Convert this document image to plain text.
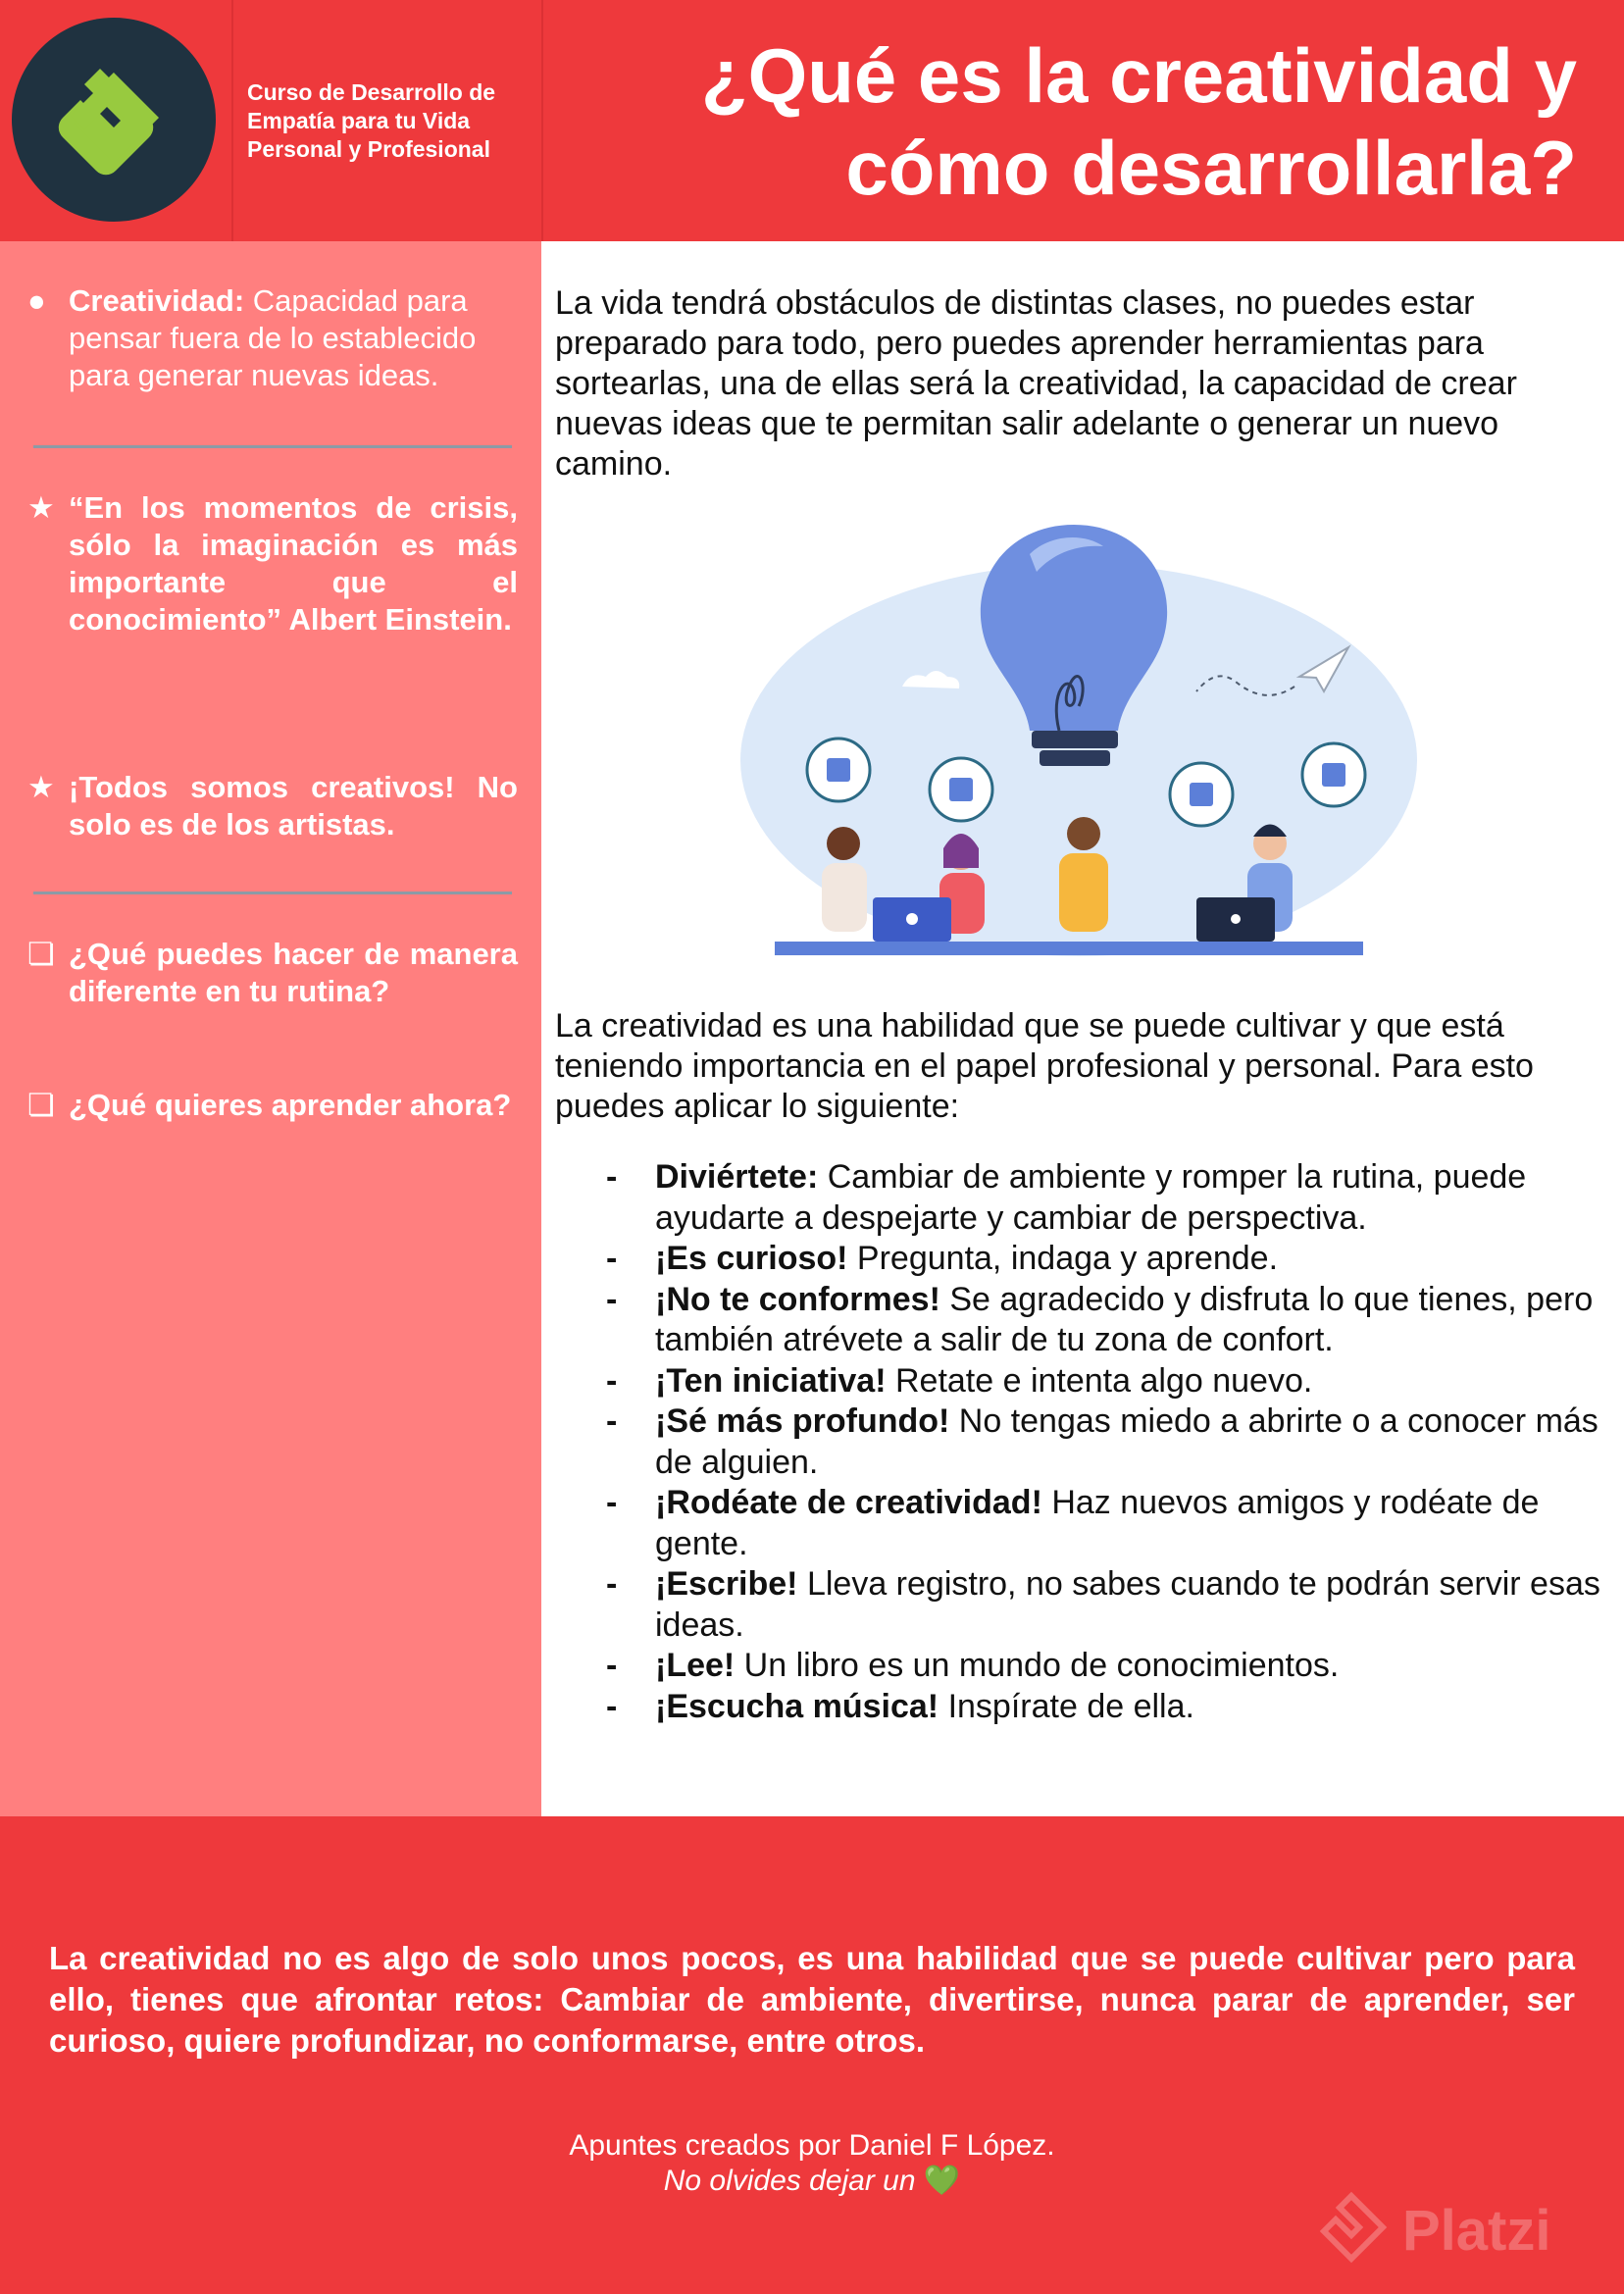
Curso de Desarrollo de Empatía para tu Vida Personal y Profesional
¿Qué es la creatividad y cómo desarrollarla?
● Creatividad: Capacidad para pensar fuera de lo establecido para generar nuevas ideas.
★ “En los momentos de crisis, sólo la imaginación es más importante que el conocimiento” Albert Einstein.
★ ¡Todos somos creativos! No solo es de los artistas.
❏ ¿Qué puedes hacer de manera diferente en tu rutina?
❏ ¿Qué quieres aprender ahora?
La vida tendrá obstáculos de distintas clases, no puedes estar preparado para todo, pero puedes aprender herramientas para sortearlas, una de ellas será la creatividad, la capacidad de crear nuevas ideas que te permitan salir adelante o generar un nuevo camino.
La creatividad es una habilidad que se puede cultivar y que está teniendo importancia en el papel profesional y personal. Para esto puedes aplicar lo siguiente:
- Diviértete: Cambiar de ambiente y romper la rutina, puede ayudarte a despejarte y cambiar de perspectiva.
- ¡Es curioso! Pregunta, indaga y aprende.
- ¡No te conformes! Se agradecido y disfruta lo que tienes, pero también atrévete a salir de tu zona de confort.
- ¡Ten iniciativa! Retate e intenta algo nuevo.
- ¡Sé más profundo! No tengas miedo a abrirte o a conocer más de alguien.
- ¡Rodéate de creatividad! Haz nuevos amigos y rodéate de gente.
- ¡Escribe! Lleva registro, no sabes cuando te podrán servir esas ideas.
- ¡Lee! Un libro es un mundo de conocimientos.
- ¡Escucha música! Inspírate de ella.
La creatividad no es algo de solo unos pocos, es una habilidad que se puede cultivar pero para ello, tienes que afrontar retos: Cambiar de ambiente, divertirse, nunca parar de aprender, ser curioso, quiere profundizar, no conformarse, entre otros.
Apuntes creados por Daniel F López.
No olvides dejar un 💚
Platzi
